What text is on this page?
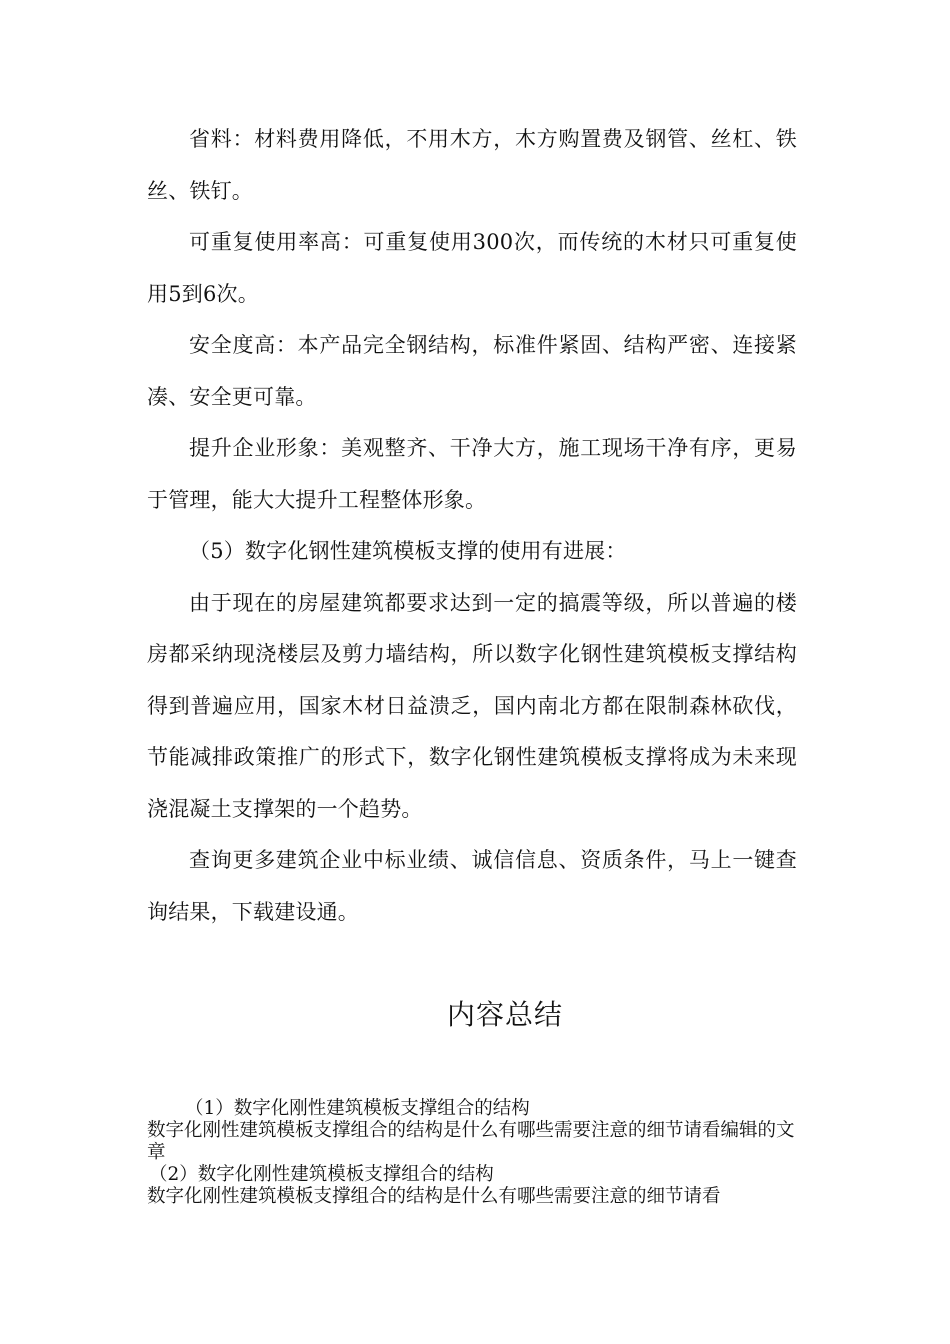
省料：材料费用降低，不用木方，木方购置费及钢管、丝杠、铁丝、铁钉。

可重复使用率高：可重复使用300次，而传统的木材只可重复使用5到6次。

安全度高：本产品完全钢结构，标准件紧固、结构严密、连接紧凑、安全更可靠。

提升企业形象：美观整齐、干净大方，施工现场干净有序，更易于管理，能大大提升工程整体形象。

（5）数字化钢性建筑模板支撑的使用有进展：

由于现在的房屋建筑都要求达到一定的搞震等级，所以普遍的楼房都采纳现浇楼层及剪力墙结构，所以数字化钢性建筑模板支撑结构得到普遍应用，国家木材日益溃乏，国内南北方都在限制森林砍伐，节能减排政策推广的形式下，数字化钢性建筑模板支撑将成为未来现浇混凝土支撑架的一个趋势。

查询更多建筑企业中标业绩、诚信信息、资质条件，马上一键查询结果，下载建设通。

内容总结

（1）数字化刚性建筑模板支撑组合的结构

数字化刚性建筑模板支撑组合的结构是什么有哪些需要注意的细节请看编辑的文章

（2）数字化刚性建筑模板支撑组合的结构

数字化刚性建筑模板支撑组合的结构是什么有哪些需要注意的细节请看
